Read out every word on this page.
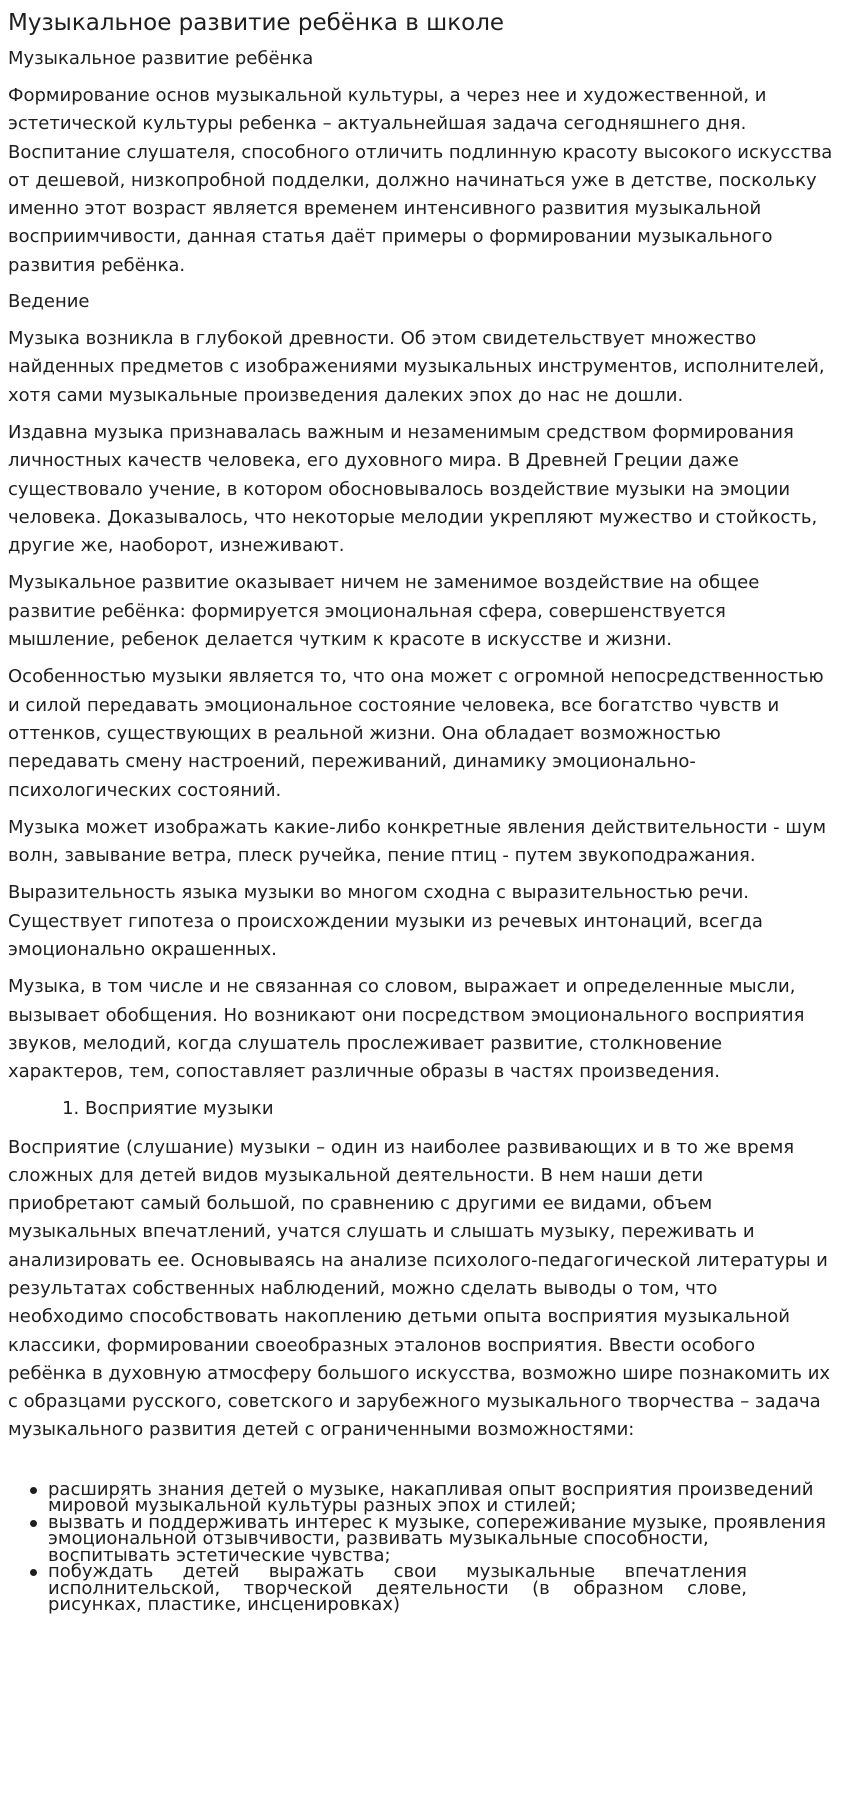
Музыкальное развитие ребёнка в школе
Музыкальное развитие ребёнка

Формирование основ музыкальной культуры, а через нее и художественной, и эстетической культуры ребенка – актуальнейшая задача сегодняшнего дня. Воспитание слушателя, способного отличить подлинную красоту высокого искусства от дешевой, низкопробной подделки, должно начинаться уже в детстве, поскольку именно этот возраст является временем интенсивного развития музыкальной восприимчивости, данная статья даёт примеры о формировании музыкального развития ребёнка.

Ведение

Музыка возникла в глубокой древности. Об этом свидетельствует множество найденных предметов с изображениями музыкальных инструментов, исполнителей, хотя сами музыкальные произведения далеких эпох до нас не дошли.

Издавна музыка признавалась важным и незаменимым средством формирования личностных качеств человека, его духовного мира. В Древней Греции даже существовало учение, в котором обосновывалось воздействие музыки на эмоции человека. Доказывалось, что некоторые мелодии укрепляют мужество и стойкость, другие же, наоборот, изнеживают.

Музыкальное развитие оказывает ничем не заменимое воздействие на общее развитие ребёнка: формируется эмоциональная сфера, совершенствуется мышление, ребенок делается чутким к красоте в искусстве и жизни.

Особенностью музыки является то, что она может с огромной непосредственностью и силой передавать эмоциональное состояние человека, все богатство чувств и оттенков, существующих в реальной жизни. Она обладает возможностью передавать смену настроений, переживаний, динамику эмоционально-психологических состояний.

Музыка может изображать какие-либо конкретные явления действительности - шум волн, завывание ветра, плеск ручейка, пение птиц - путем звукоподражания.

Выразительность языка музыки во многом сходна с выразительностью речи. Существует гипотеза о происхождении музыки из речевых интонаций, всегда эмоционально окрашенных.

Музыка, в том числе и не связанная со словом, выражает и определенные мысли, вызывает обобщения. Но возникают они посредством эмоционального восприятия звуков, мелодий, когда слушатель прослеживает развитие, столкновение характеров, тем, сопоставляет различные образы в частях произведения.

1. Восприятие музыки

Восприятие (слушание) музыки – один из наиболее развивающих и в то же время сложных для детей видов музыкальной деятельности. В нем наши дети приобретают самый большой, по сравнению с другими ее видами, объем музыкальных впечатлений, учатся слушать и слышать музыку, переживать и анализировать ее. Основываясь на анализе психолого-педагогической литературы и результатах собственных наблюдений, можно сделать выводы о том, что необходимо способствовать накоплению детьми опыта восприятия музыкальной классики, формировании своеобразных эталонов восприятия. Ввести особого ребёнка в духовную атмосферу большого искусства, возможно шире познакомить их с образцами русского, советского и зарубежного музыкального творчества – задача музыкального развития детей с ограниченными возможностями:

расширять знания детей о музыке, накапливая опыт восприятия произведений мировой музыкальной культуры разных эпох и стилей;
вызвать и поддерживать интерес к музыке, сопереживание музыке, проявления эмоциональной отзывчивости, развивать музыкальные способности, воспитывать эстетические чувства;
побуждать детей выражать свои музыкальные впечатления исполнительской, творческой деятельности (в образном слове, рисунках, пластике, инсценировках)
